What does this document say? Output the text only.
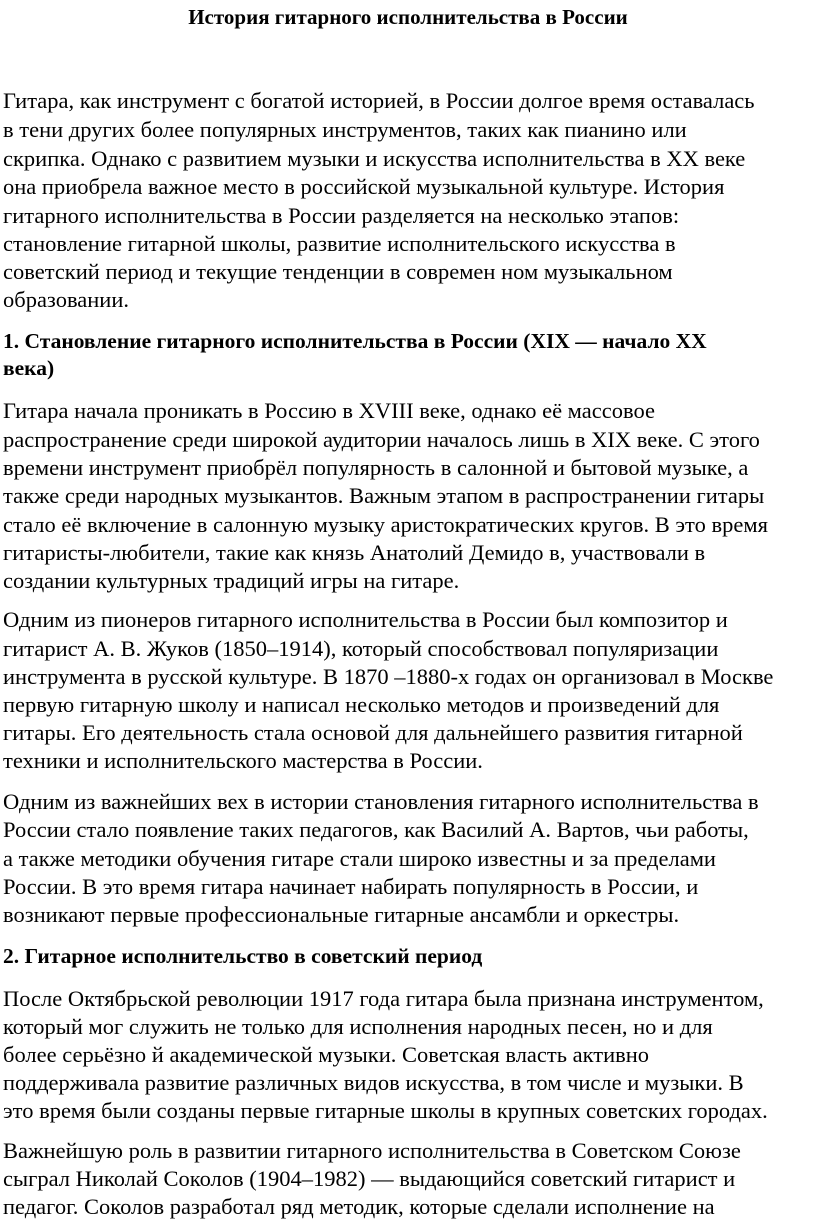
История гитарного исполнительства в России
Гитара, как инструмент с богатой историей, в России долгое время оставалась
в тени других более популярных инструментов, таких как пианино или
скрипка. Однако с развитием музыки и искусства исполнительства в XX веке
она приобрела важное место в российской музыкальной культуре. История
гитарного исполнительства в России разделяется на несколько этапов:
становление гитарной школы, развитие исполнительского искусства в
советский период и текущие тенденции в современ ном музыкальном
образовании.
1. Становление гитарного исполнительства в России (XIX — начало XX
века)
Гитара начала проникать в Россию в XVIII веке, однако её массовое
распространение среди широкой аудитории началось лишь в XIX веке. С этого
времени инструмент приобрёл популярность в салонной и бытовой музыке, а
также среди народных музыкантов. Важным этапом в распространении гитары
стало её включение в салонную музыку аристократических кругов. В это время
гитаристы-любители, такие как князь Анатолий Демидо в, участвовали в
создании культурных традиций игры на гитаре.
Одним из пионеров гитарного исполнительства в России был композитор и
гитарист А. В. Жуков (1850–1914), который способствовал популяризации
инструмента в русской культуре. В 1870 –1880-х годах он организовал в Москве
первую гитарную школу и написал несколько методов и произведений для
гитары. Его деятельность стала основой для дальнейшего развития гитарной
техники и исполнительского мастерства в России.
Одним из важнейших вех в истории становления гитарного исполнительства в
России стало появление таких педагогов, как Василий А. Вартов, чьи работы,
а также методики обучения гитаре стали широко известны и за пределами
России. В это время гитара начинает набирать популярность в России, и
возникают первые профессиональные гитарные ансамбли и оркестры.
2. Гитарное исполнительство в советский период
После Октябрьской революции 1917 года гитара была признана инструментом,
который мог служить не только для исполнения народных песен, но и для
более серьёзно й академической музыки. Советская власть активно
поддерживала развитие различных видов искусства, в том числе и музыки. В
это время были созданы первые гитарные школы в крупных советских городах.
Важнейшую роль в развитии гитарного исполнительства в Советском Союзе
сыграл Николай Соколов (1904–1982) — выдающийся советский гитарист и
педагог. Соколов разработал ряд методик, которые сделали исполнение на
